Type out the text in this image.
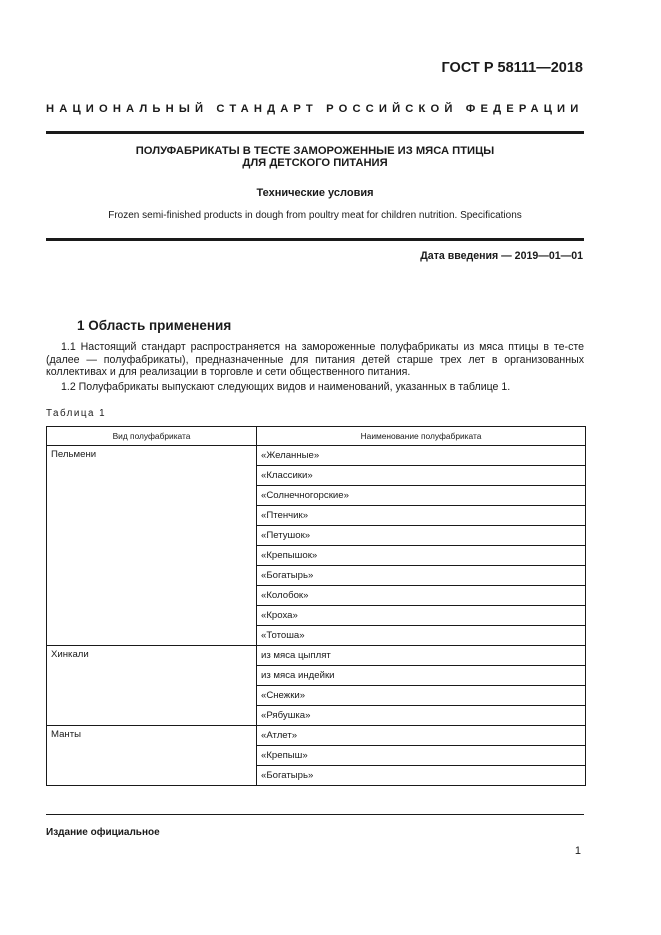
ГОСТ Р 58111—2018
НАЦИОНАЛЬНЫЙ СТАНДАРТ РОССИЙСКОЙ ФЕДЕРАЦИИ
ПОЛУФАБРИКАТЫ В ТЕСТЕ ЗАМОРОЖЕННЫЕ ИЗ МЯСА ПТИЦЫ
ДЛЯ ДЕТСКОГО ПИТАНИЯ
Технические условия
Frozen semi-finished products in dough from poultry meat for children nutrition. Specifications
Дата введения — 2019—01—01
1 Область применения
1.1 Настоящий стандарт распространяется на замороженные полуфабрикаты из мяса птицы в те-сте (далее — полуфабрикаты), предназначенные для питания детей старше трех лет в организованных коллективах и для реализации в торговле и сети общественного питания.
1.2 Полуфабрикаты выпускают следующих видов и наименований, указанных в таблице 1.
Таблица 1
Вид полуфабриката	Наименование полуфабриката
Пельмени	«Желанные»
	«Классики»
	«Солнечногорские»
	«Птенчик»
	«Петушок»
	«Крепышок»
	«Богатырь»
	«Колобок»
	«Кроха»
	«Тотоша»
Хинкали	из мяса цыплят
	из мяса индейки
	«Снежки»
	«Рябушка»
Манты	«Атлет»
	«Крепыш»
	«Богатырь»
Издание официальное
1
